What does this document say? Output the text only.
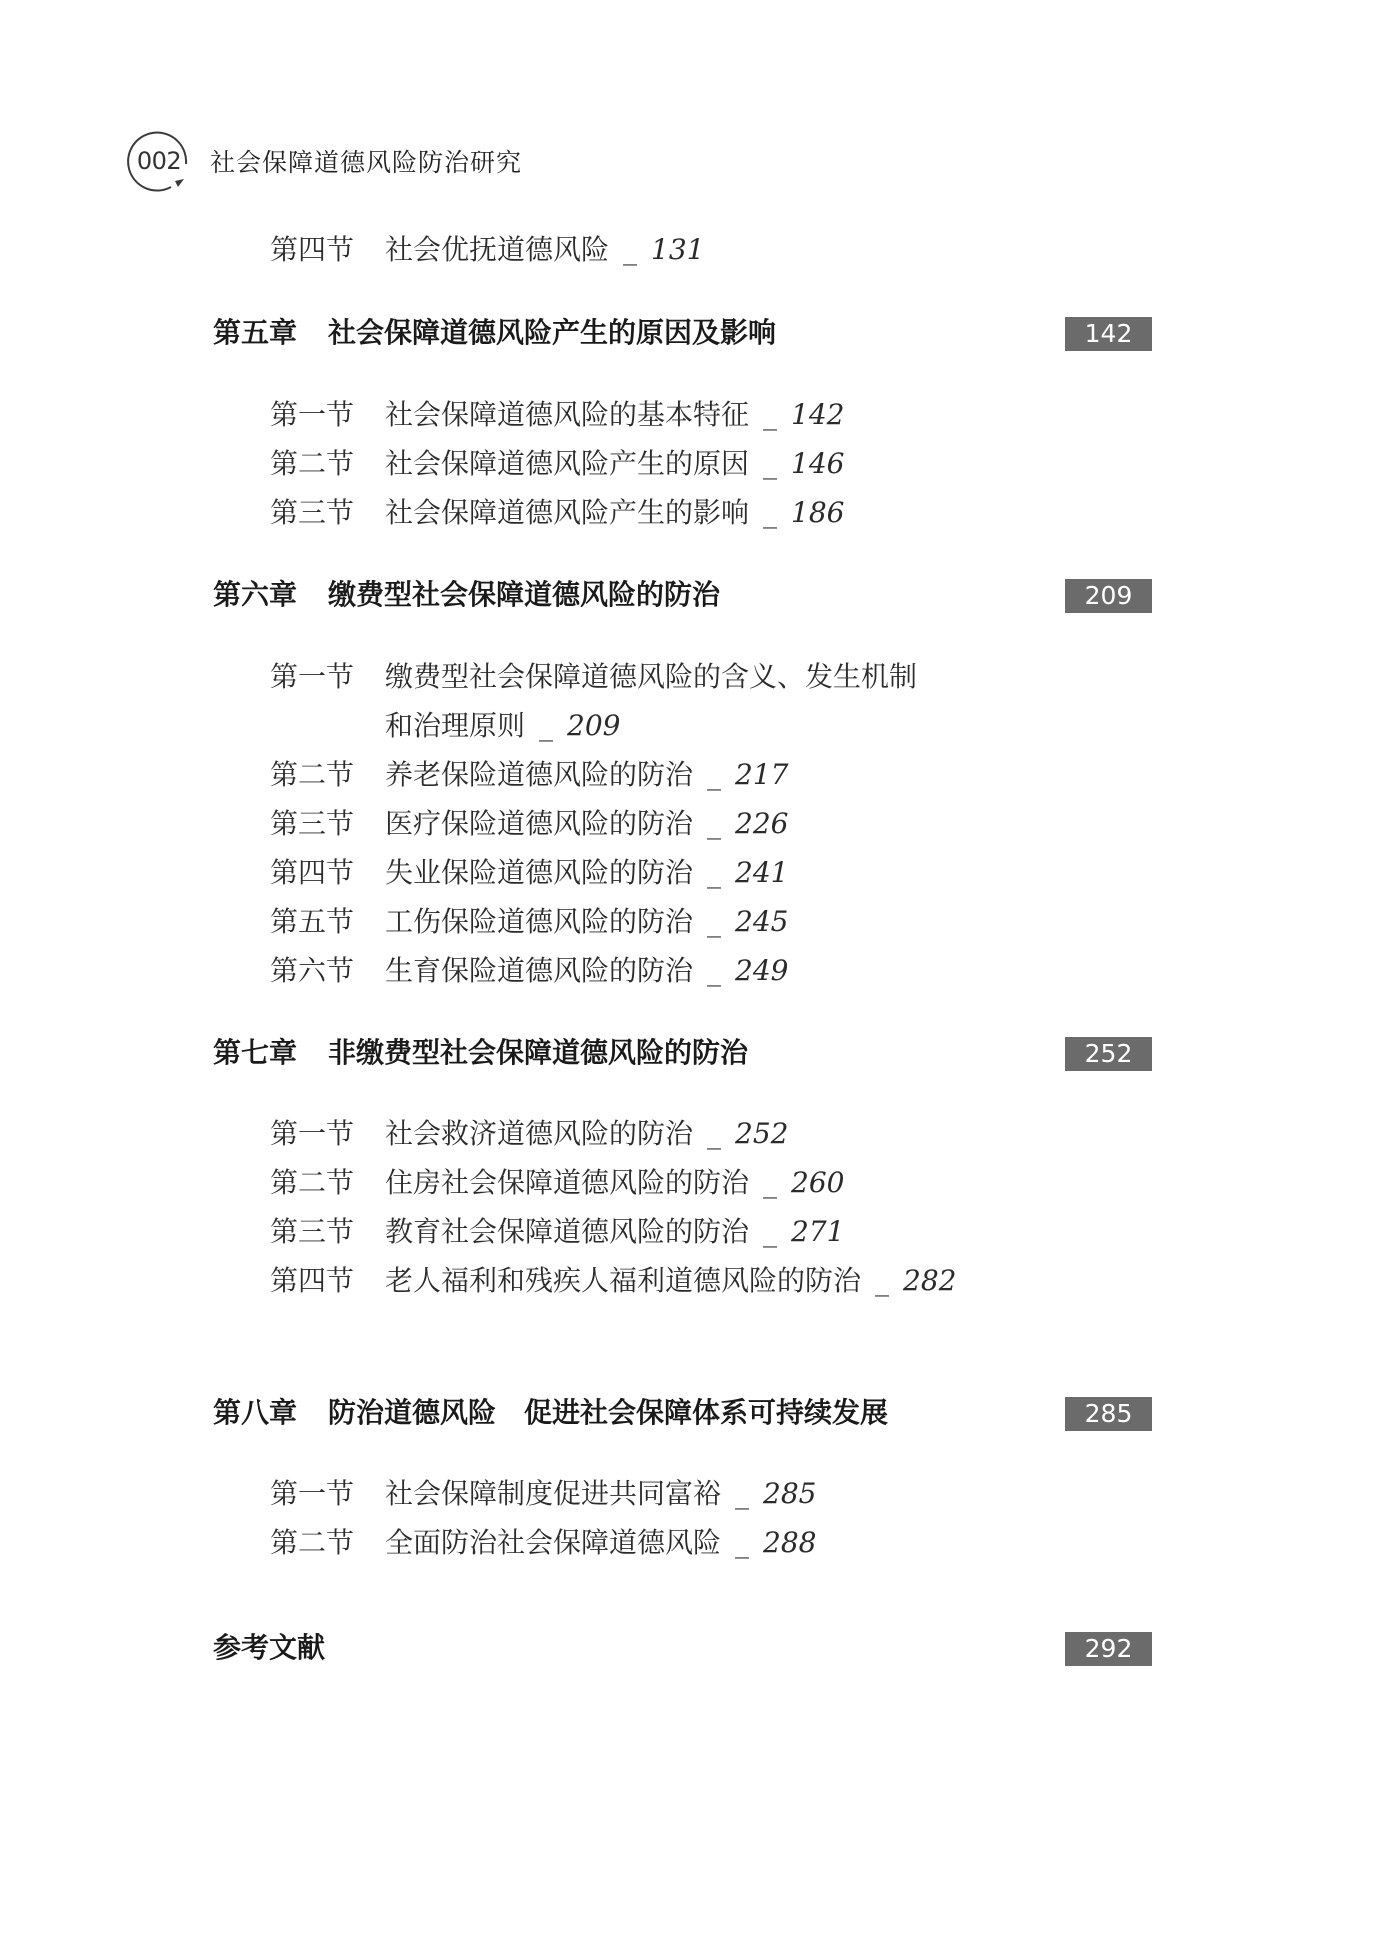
002	社会保障道德风险防治研究
第四节 社会优抚道德风险 _ 131
第五章 社会保障道德风险产生的原因及影响	142
第一节 社会保障道德风险的基本特征 _ 142
第二节 社会保障道德风险产生的原因 _ 146
第三节 社会保障道德风险产生的影响 _ 186
第六章 缴费型社会保障道德风险的防治	209
第一节 缴费型社会保障道德风险的含义、发生机制
和治理原则 _ 209
第二节 养老保险道德风险的防治 _ 217
第三节 医疗保险道德风险的防治 _ 226
第四节 失业保险道德风险的防治 _ 241
第五节 工伤保险道德风险的防治 _ 245
第六节 生育保险道德风险的防治 _ 249
第七章 非缴费型社会保障道德风险的防治	252
第一节 社会救济道德风险的防治 _ 252
第二节 住房社会保障道德风险的防治 _ 260
第三节 教育社会保障道德风险的防治 _ 271
第四节 老人福利和残疾人福利道德风险的防治 _ 282
第八章 防治道德风险　促进社会保障体系可持续发展	285
第一节 社会保障制度促进共同富裕 _ 285
第二节 全面防治社会保障道德风险 _ 288
参考文献	292
